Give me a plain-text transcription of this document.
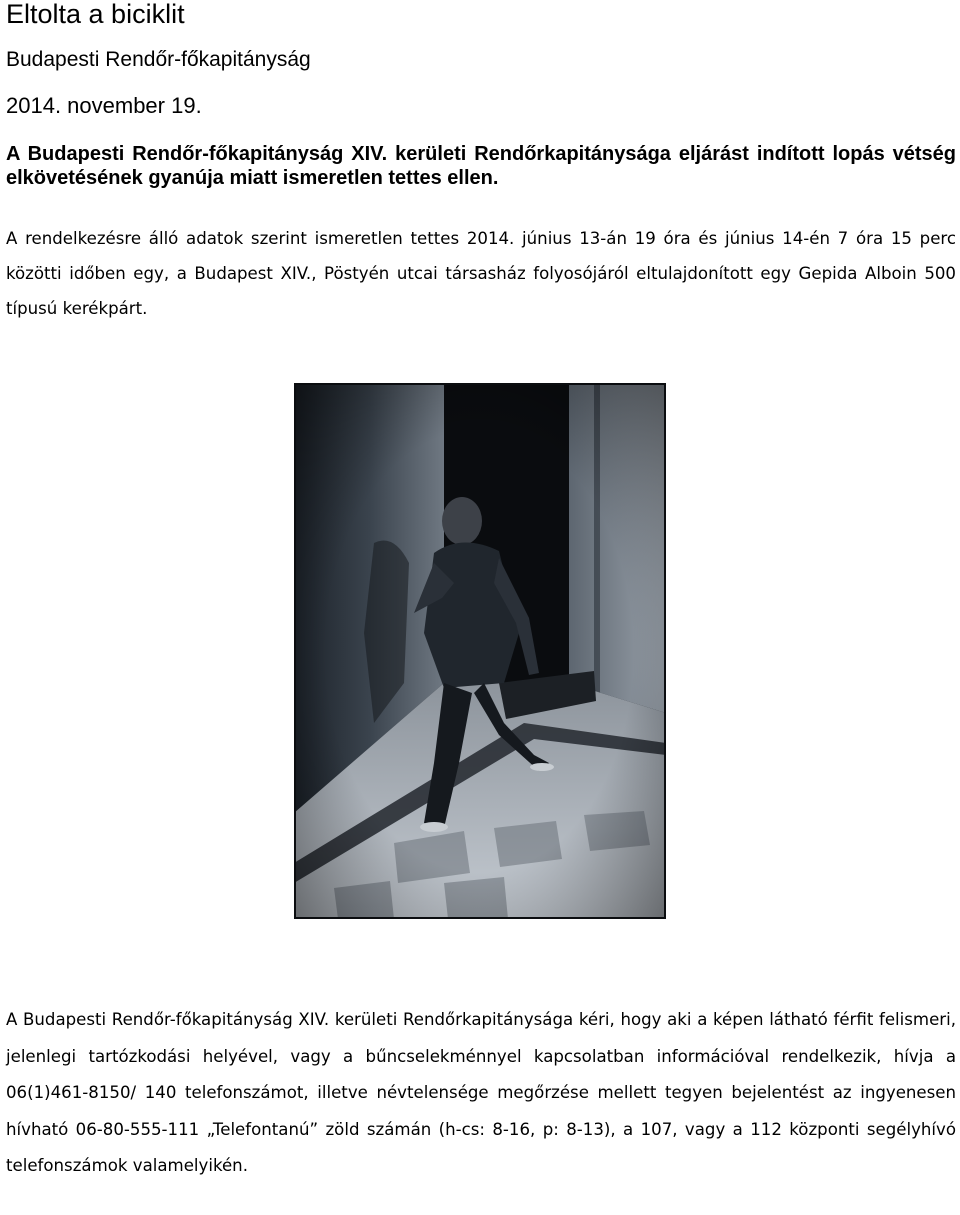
Eltolta a biciklit
Budapesti Rendőr-főkapitányság
2014. november 19.

A Budapesti Rendőr-főkapitányság XIV. kerületi Rendőrkapitánysága eljárást indított lopás vétség elkövetésének gyanúja miatt ismeretlen tettes ellen.

A rendelkezésre álló adatok szerint ismeretlen tettes 2014. június 13-án 19 óra és június 14-én 7 óra 15 perc közötti időben egy, a Budapest XIV., Pöstyén utcai társasház folyosójáról eltulajdonított egy Gepida Alboin 500 típusú kerékpárt.

A Budapesti Rendőr-főkapitányság XIV. kerületi Rendőrkapitánysága kéri, hogy aki a képen látható férfit felismeri, jelenlegi tartózkodási helyével, vagy a bűncselekménnyel kapcsolatban információval rendelkezik, hívja a 06(1)461-8150/ 140 telefonszámot, illetve névtelensége megőrzése mellett tegyen bejelentést az ingyenesen hívható 06-80-555-111 „Telefontanú” zöld számán (h-cs: 8-16, p: 8-13), a 107, vagy a 112 központi segélyhívó telefonszámok valamelyikén.
